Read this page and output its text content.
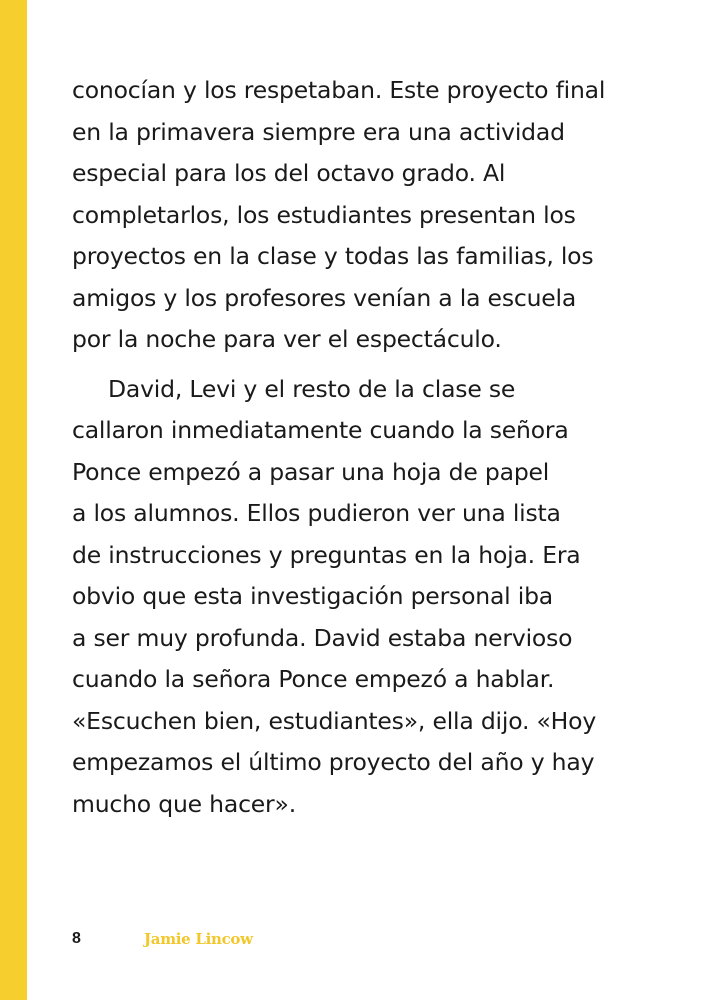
conocían y los respetaban. Este proyecto final
en la primavera siempre era una actividad
especial para los del octavo grado. Al
completarlos, los estudiantes presentan los
proyectos en la clase y todas las familias, los
amigos y los profesores venían a la escuela
por la noche para ver el espectáculo.
David, Levi y el resto de la clase se
callaron inmediatamente cuando la señora
Ponce empezó a pasar una hoja de papel
a los alumnos. Ellos pudieron ver una lista
de instrucciones y preguntas en la hoja. Era
obvio que esta investigación personal iba
a ser muy profunda. David estaba nervioso
cuando la señora Ponce empezó a hablar.
«Escuchen bien, estudiantes», ella dijo. «Hoy
empezamos el último proyecto del año y hay
mucho que hacer».
8	Jamie Lincow
